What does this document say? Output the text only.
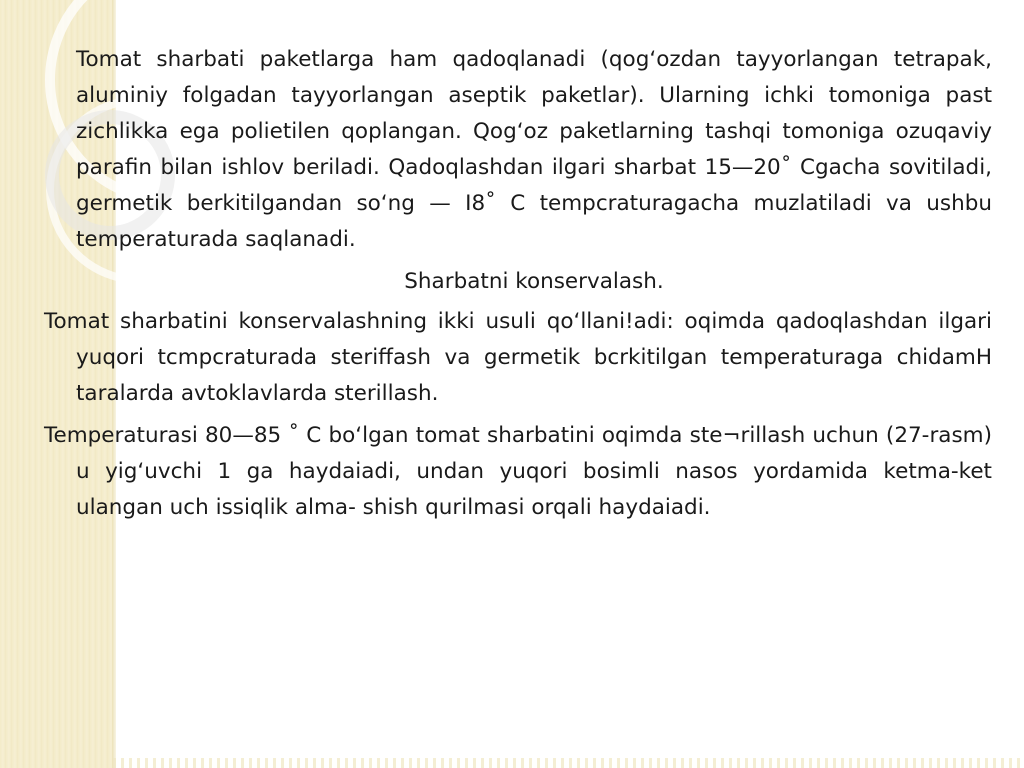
Tomat sharbati paketlarga ham qadoqlanadi (qog‘ozdan tayyorlangan tetrapak, aluminiy folgadan tayyorlangan aseptik paketlar). Ularning ichki tomoniga past zichlikka ega polietilen qoplangan. Qog‘oz paketlarning tashqi tomoniga ozuqaviy parafin bilan ishlov beriladi. Qadoqlashdan ilgari sharbat 15—20˚ Cgacha sovitiladi, germetik berkitilgandan so‘ng — I8˚ C tempcraturagacha muzlatiladi va ushbu temperaturada saqlanadi.

Sharbatni konservalash.

Tomat sharbatini konservalashning ikki usuli qo‘llani!adi: oqimda qadoqlashdan ilgari yuqori tcmpcraturada steriffash va germetik bcrkitilgan temperaturaga chidamH taralarda avtoklavlarda sterillash.

Temperaturasi 80—85 ˚ C bo‘lgan tomat sharbatini oqimda ste¬rillash uchun (27-rasm) u yig‘uvchi 1 ga haydaiadi, undan yuqori bosimli nasos yordamida ketma-ket ulangan uch issiqlik alma- shish qurilmasi orqali haydaiadi.
